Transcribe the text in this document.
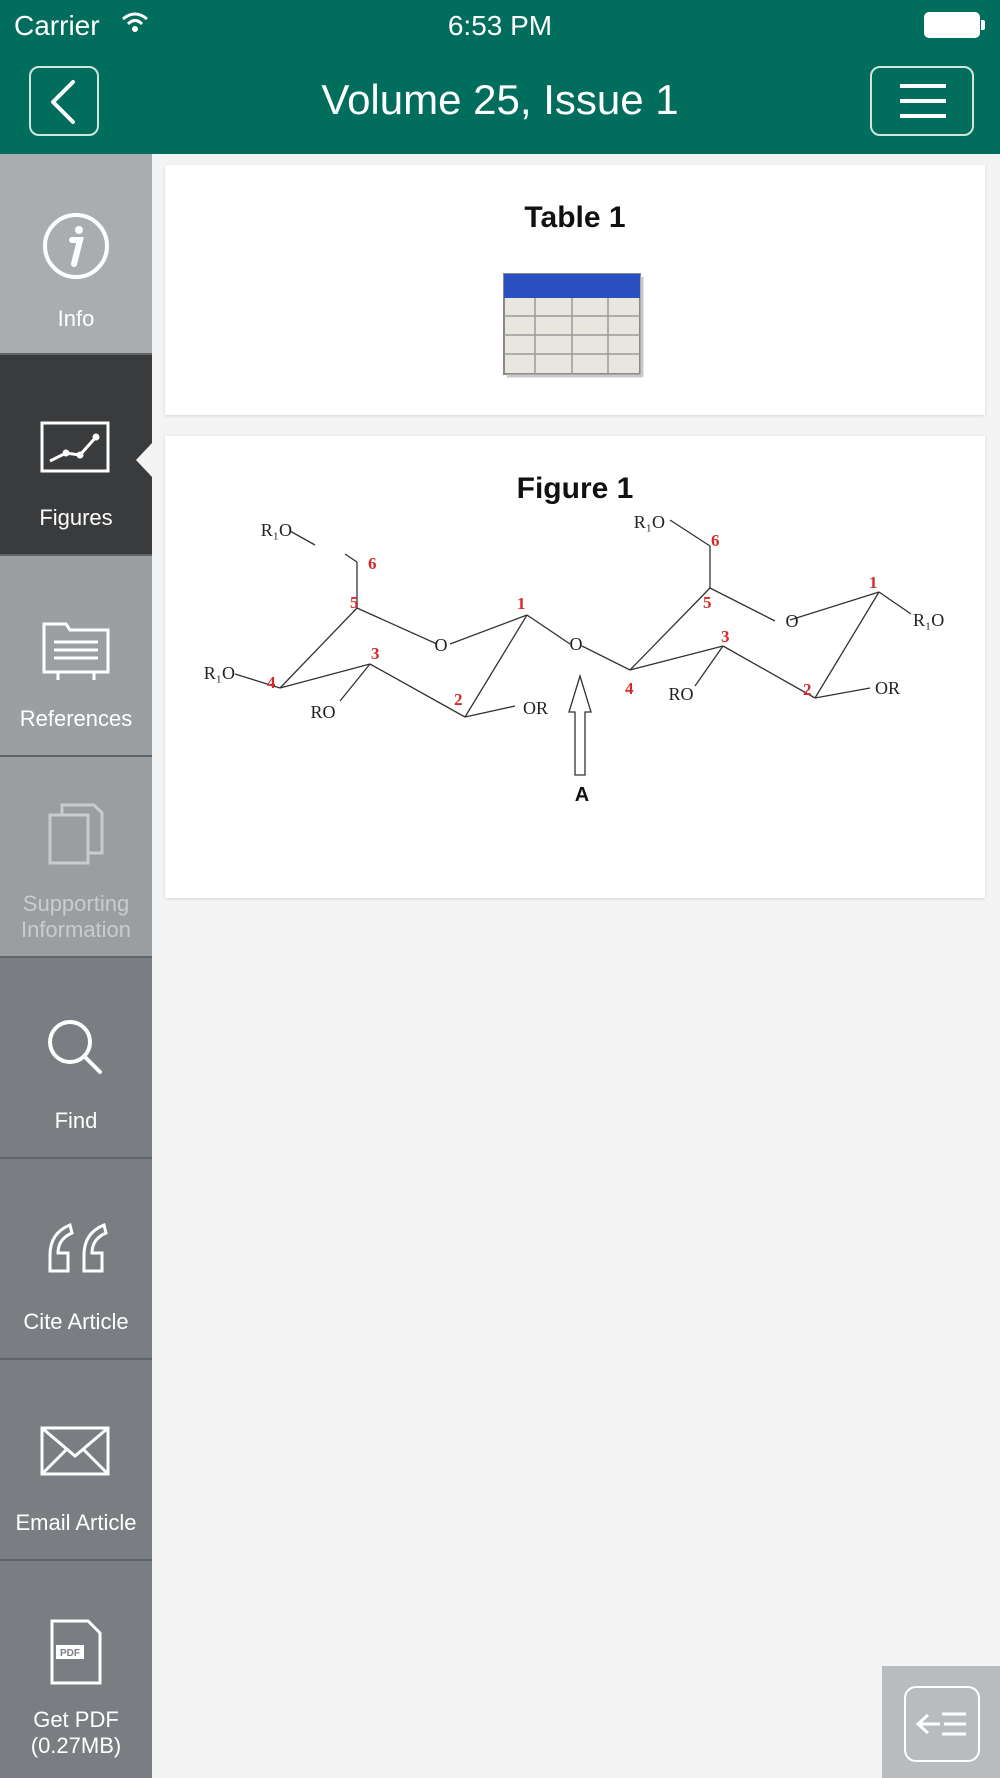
Carrier	6:53 PM
Volume 25, Issue 1
Info
Figures
References
Supporting
Information
Find
Cite Article
Email Article
PDF
Get PDF
(0.27MB)
Table 1
Figure 1
A
R₁O
R₁O
RO	OR
O	O
R₁O
R₁O
RO	OR
O
6
5	1
3
4
2
6
5
1
3
4	2
